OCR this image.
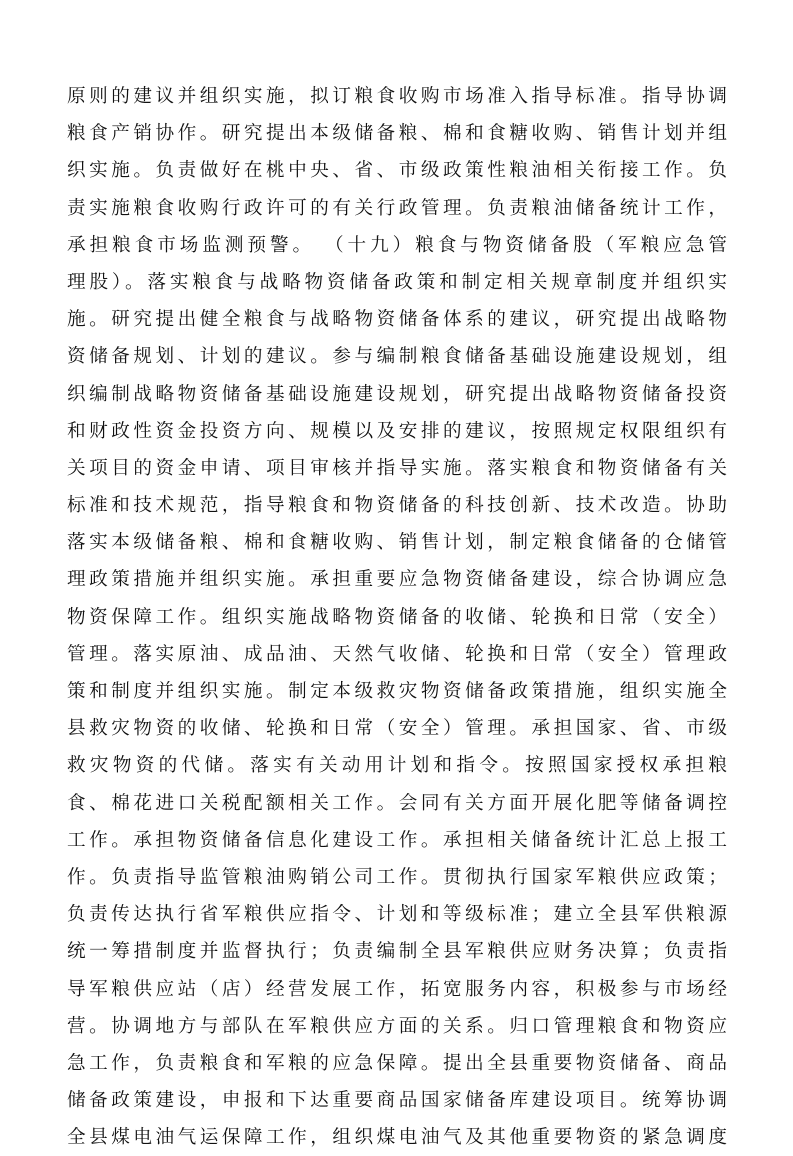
原则的建议并组织实施，拟订粮食收购市场准入指导标准。指导协调
粮食产销协作。研究提出本级储备粮、棉和食糖收购、销售计划并组
织实施。负责做好在桃中央、省、市级政策性粮油相关衔接工作。负
责实施粮食收购行政许可的有关行政管理。负责粮油储备统计工作，
承担粮食市场监测预警。 （十九）粮食与物资储备股（军粮应急管
理股）。落实粮食与战略物资储备政策和制定相关规章制度并组织实
施。研究提出健全粮食与战略物资储备体系的建议，研究提出战略物
资储备规划、计划的建议。参与编制粮食储备基础设施建设规划，组
织编制战略物资储备基础设施建设规划，研究提出战略物资储备投资
和财政性资金投资方向、规模以及安排的建议，按照规定权限组织有
关项目的资金申请、项目审核并指导实施。落实粮食和物资储备有关
标准和技术规范，指导粮食和物资储备的科技创新、技术改造。协助
落实本级储备粮、棉和食糖收购、销售计划，制定粮食储备的仓储管
理政策措施并组织实施。承担重要应急物资储备建设，综合协调应急
物资保障工作。组织实施战略物资储备的收储、轮换和日常（安全）
管理。落实原油、成品油、天然气收储、轮换和日常（安全）管理政
策和制度并组织实施。制定本级救灾物资储备政策措施，组织实施全
县救灾物资的收储、轮换和日常（安全）管理。承担国家、省、市级
救灾物资的代储。落实有关动用计划和指令。按照国家授权承担粮
食、棉花进口关税配额相关工作。会同有关方面开展化肥等储备调控
工作。承担物资储备信息化建设工作。承担相关储备统计汇总上报工
作。负责指导监管粮油购销公司工作。贯彻执行国家军粮供应政策；
负责传达执行省军粮供应指令、计划和等级标准；建立全县军供粮源
统一筹措制度并监督执行；负责编制全县军粮供应财务决算；负责指
导军粮供应站（店）经营发展工作，拓宽服务内容，积极参与市场经
营。协调地方与部队在军粮供应方面的关系。归口管理粮食和物资应
急工作，负责粮食和军粮的应急保障。提出全县重要物资储备、商品
储备政策建设，申报和下达重要商品国家储备库建设项目。统筹协调
全县煤电油气运保障工作，组织煤电油气及其他重要物资的紧急调度
